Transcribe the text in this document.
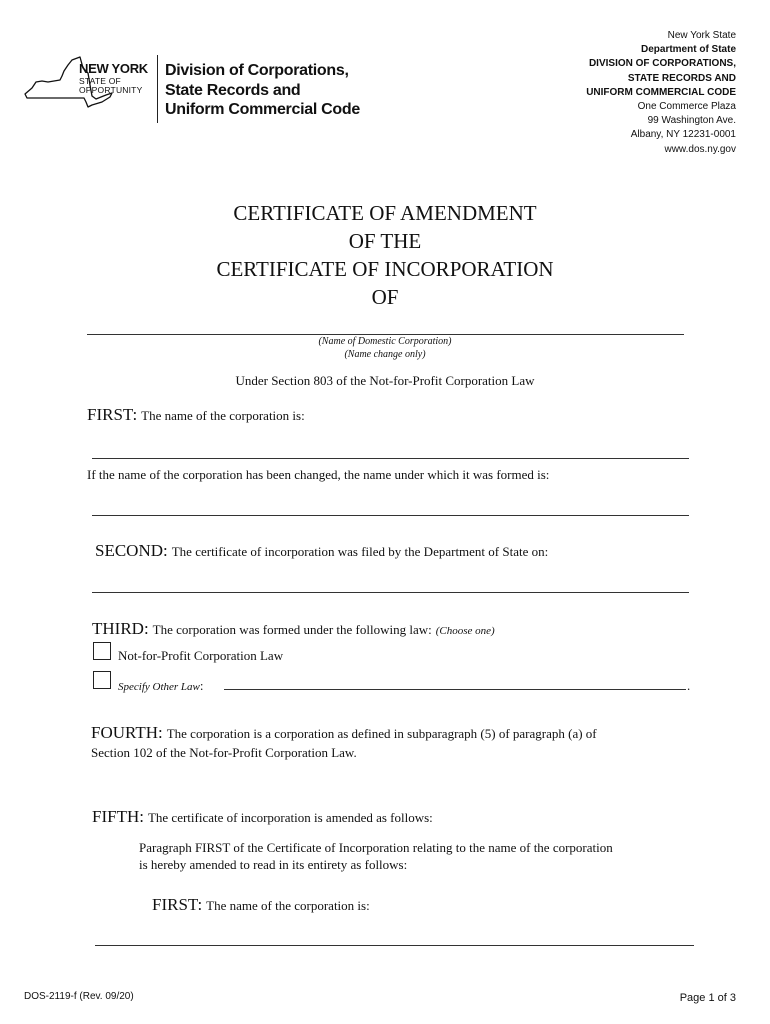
NEW YORK
STATE OF
OPPORTUNITY
Division of Corporations,
State Records and
Uniform Commercial Code
New York State
Department of State
DIVISION OF CORPORATIONS,
STATE RECORDS AND
UNIFORM COMMERCIAL CODE
One Commerce Plaza
99 Washington Ave.
Albany, NY 12231-0001
www.dos.ny.gov
CERTIFICATE OF AMENDMENT
OF THE
CERTIFICATE OF INCORPORATION
OF
(Name of Domestic Corporation)
(Name change only)
Under Section 803 of the Not-for-Profit Corporation Law
FIRST: The name of the corporation is:
If the name of the corporation has been changed, the name under which it was formed is:
SECOND: The certificate of incorporation was filed by the Department of State on:
THIRD: The corporation was formed under the following law: (Choose one)
Not-for-Profit Corporation Law
Specify Other Law:	.
FOURTH: The corporation is a corporation as defined in subparagraph (5) of paragraph (a) of
Section 102 of the Not-for-Profit Corporation Law.
FIFTH: The certificate of incorporation is amended as follows:
Paragraph FIRST of the Certificate of Incorporation relating to the name of the corporation
is hereby amended to read in its entirety as follows:
FIRST: The name of the corporation is:
DOS-2119-f (Rev. 09/20)	Page 1 of 3
